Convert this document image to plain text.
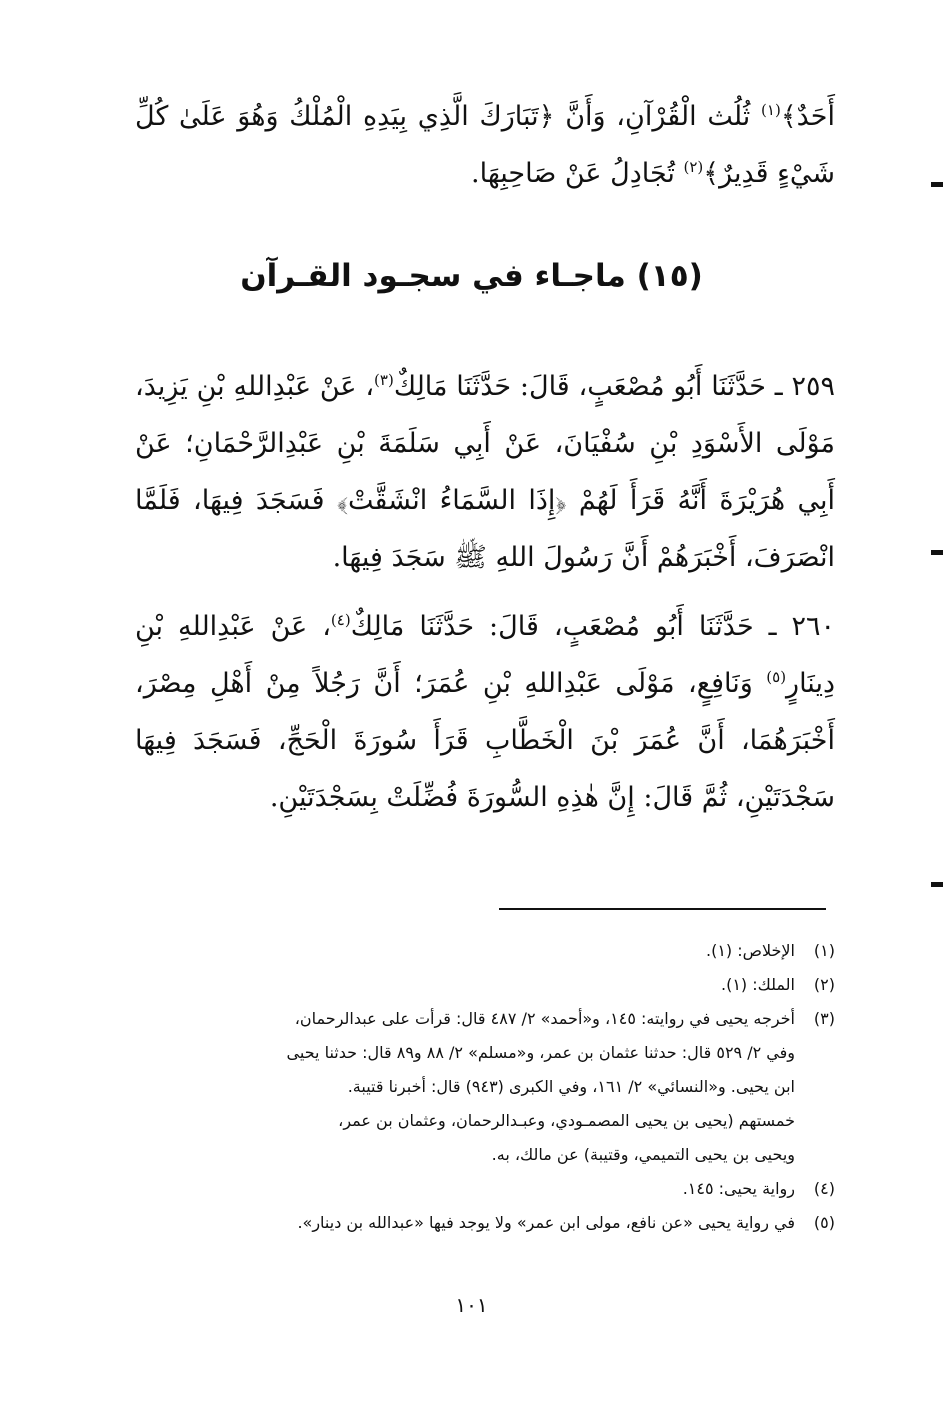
أَحَدٌ﴾$^{(١)}$ ثُلُث الْقُرْآنِ، وَأَنَّ ﴿تَبَارَكَ الَّذِي بِيَدِهِ الْمُلْكُ وَهُوَ عَلَىٰ كُلِّ شَيْءٍ قَدِيرٌ﴾$^{(٢)}$ تُجَادِلُ عَنْ صَاحِبِهَا.

(١٥) ماجـاء في سجـود القـرآن

٢٥٩ ـ حَدَّثَنَا أَبُو مُصْعَبٍ، قَالَ: حَدَّثَنَا مَالِكٌ$^{(٣)}$، عَنْ عَبْدِاللهِ بْنِ يَزِيدَ، مَوْلَى الأَسْوَدِ بْنِ سُفْيَانَ، عَنْ أَبِي سَلَمَةَ بْنِ عَبْدِالرَّحْمَانِ؛ عَنْ أَبِي هُرَيْرَةَ أَنَّهُ قَرَأَ لَهُمْ ﴿إِذَا السَّمَاءُ انْشَقَّتْ﴾ فَسَجَدَ فِيهَا، فَلَمَّا انْصَرَفَ، أَخْبَرَهُمْ أَنَّ رَسُولَ اللهِ ﷺ سَجَدَ فِيهَا.

٢٦٠ ـ حَدَّثَنَا أَبُو مُصْعَبٍ، قَالَ: حَدَّثَنَا مَالِكٌ$^{(٤)}$، عَنْ عَبْدِاللهِ بْنِ دِينَارٍ$^{(٥)}$ وَنَافِعٍ، مَوْلَى عَبْدِاللهِ بْنِ عُمَرَ؛ أَنَّ رَجُلاً مِنْ أَهْلِ مِصْرَ، أَخْبَرَهُمَا، أَنَّ عُمَرَ بْنَ الْخَطَّابِ قَرَأَ سُورَةَ الْحَجِّ، فَسَجَدَ فِيهَا سَجْدَتَيْنِ، ثُمَّ قَالَ: إِنَّ هٰذِهِ السُّورَةَ فُضِّلَتْ بِسَجْدَتَيْنِ.

(١)
الإخلاص: (١).
(٢)
الملك: (١).
(٣)
أخرجه يحيى في روايته: ١٤٥، و«أحمد» ٢/ ٤٨٧ قال: قرأت على عبدالرحمان،
وفي ٢/ ٥٢٩ قال: حدثنا عثمان بن عمر، و«مسلم» ٢/ ٨٨ و٨٩ قال: حدثنا يحيى
ابن يحيى. و«النسائي» ٢/ ١٦١، وفي الكبرى (٩٤٣) قال: أخبرنا قتيبة.
خمستهم (يحيى بن يحيى المصمـودي، وعبـدالرحمان، وعثمان بن عمر،
ويحيى بن يحيى التميمي، وقتيبة) عن مالك، به.
(٤)
رواية يحيى: ١٤٥.
(٥)
في رواية يحيى «عن نافع، مولى ابن عمر» ولا يوجد فيها «عبدالله بن دينار».
١٠١
